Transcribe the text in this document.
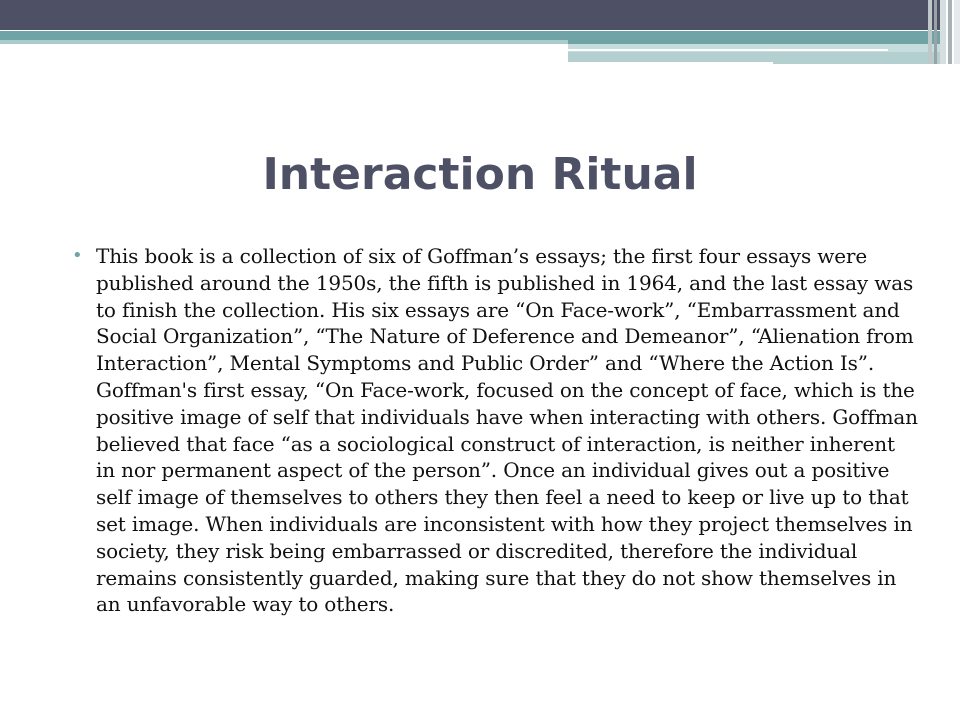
Interaction Ritual
• This book is a collection of six of Goffman’s essays; the first four essays were published around the 1950s, the fifth is published in 1964, and the last essay was to finish the collection. His six essays are “On Face-work”, “Embarrassment and Social Organization”, “The Nature of Deference and Demeanor”, “Alienation from Interaction”, Mental Symptoms and Public Order” and “Where the Action Is”. Goffman's first essay, “On Face-work, focused on the concept of face, which is the positive image of self that individuals have when interacting with others. Goffman believed that face “as a sociological construct of interaction, is neither inherent in nor permanent aspect of the person”. Once an individual gives out a positive self image of themselves to others they then feel a need to keep or live up to that set image. When individuals are inconsistent with how they project themselves in society, they risk being embarrassed or discredited, therefore the individual remains consistently guarded, making sure that they do not show themselves in an unfavorable way to others.
